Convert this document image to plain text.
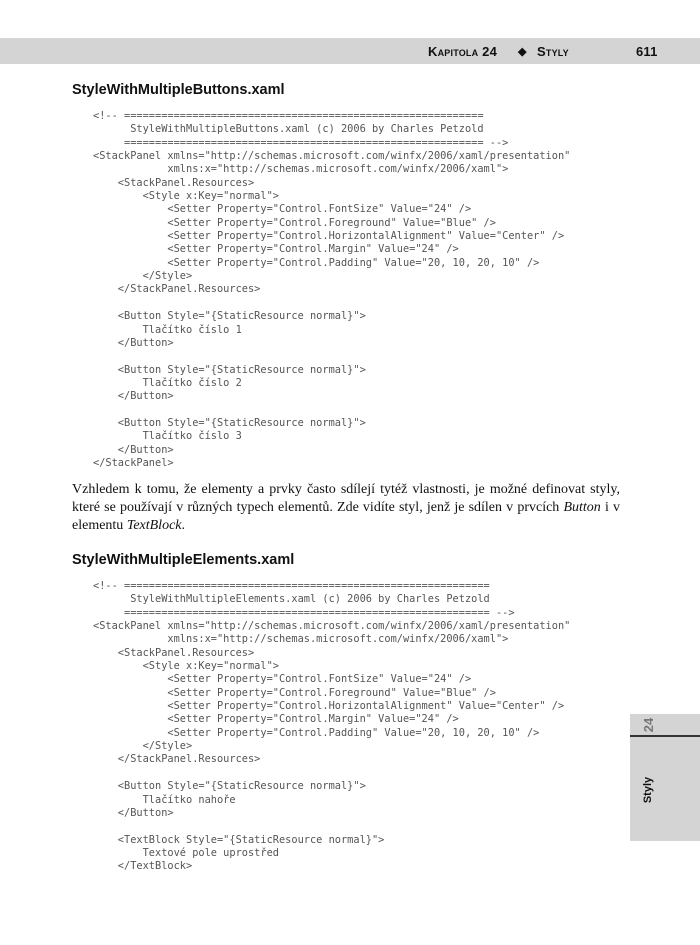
Kapitola 24 ◆ Styly	611
StyleWithMultipleButtons.xaml
<!-- ==========================================================
StyleWithMultipleButtons.xaml (c) 2006 by Charles Petzold
========================================================== -->
<StackPanel xmlns="http://schemas.microsoft.com/winfx/2006/xaml/presentation"
xmlns:x="http://schemas.microsoft.com/winfx/2006/xaml">
<StackPanel.Resources>
<Style x:Key="normal">
<Setter Property="Control.FontSize" Value="24" />
<Setter Property="Control.Foreground" Value="Blue" />
<Setter Property="Control.HorizontalAlignment" Value="Center" />
<Setter Property="Control.Margin" Value="24" />
<Setter Property="Control.Padding" Value="20, 10, 20, 10" />
</Style>
</StackPanel.Resources>

<Button Style="{StaticResource normal}">
Tlačítko číslo 1
</Button>

<Button Style="{StaticResource normal}">
Tlačítko číslo 2
</Button>

<Button Style="{StaticResource normal}">
Tlačítko číslo 3
</Button>
</StackPanel>

Vzhledem k tomu, že elementy a prvky často sdílejí tytéž vlastnosti, je možné definovat styly, které se používají v různých typech elementů. Zde vidíte styl, jenž je sdílen v prvcích Button i v elementu TextBlock.

StyleWithMultipleElements.xaml
<!-- ===========================================================
StyleWithMultipleElements.xaml (c) 2006 by Charles Petzold
=========================================================== -->
<StackPanel xmlns="http://schemas.microsoft.com/winfx/2006/xaml/presentation"
xmlns:x="http://schemas.microsoft.com/winfx/2006/xaml">
<StackPanel.Resources>
<Style x:Key="normal">
<Setter Property="Control.FontSize" Value="24" />
<Setter Property="Control.Foreground" Value="Blue" />
<Setter Property="Control.HorizontalAlignment" Value="Center" />
<Setter Property="Control.Margin" Value="24" />
<Setter Property="Control.Padding" Value="20, 10, 20, 10" />
</Style>
</StackPanel.Resources>

<Button Style="{StaticResource normal}">
Tlačítko nahoře
</Button>

<TextBlock Style="{StaticResource normal}">
Textové pole uprostřed
</TextBlock>
24
Styly
